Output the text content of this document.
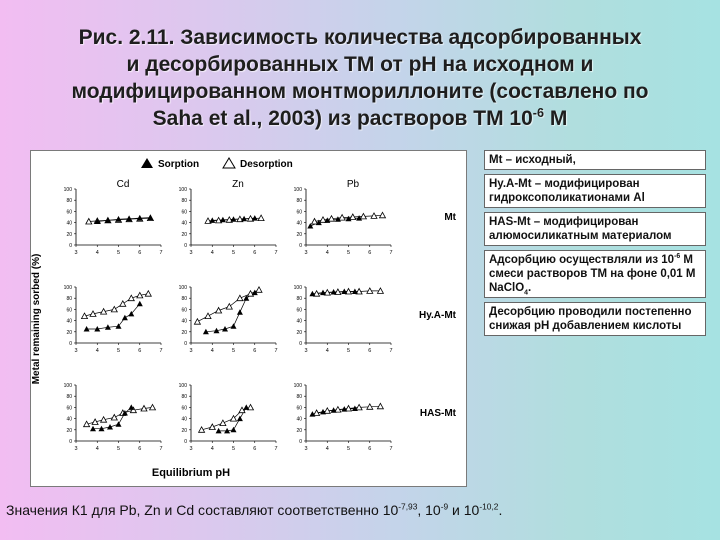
Рис. 2.11. Зависимость количества адсорбированных
и десорбированных ТМ от рН на исходном и
модифицированном монтмориллоните (составлено по
Saha et al., 2003) из растворов ТМ $10^{-6}$ М
Sorption	Desorption
Cd	Zn	Pb
Mt
Hy.A-Mt
HAS-Mt
Metal remaining sorbed (%)
Equilibrium pH
0
20
40
60
80
100
3	4	5	6	7
0
20
40
60
80
100
3	4	5	6	7
0
20
40
60
80
100
3	4	5	6	7
0
20
40
60
80
100
3	4	5	6	7
0
20
40
60
80
100
3	4	5	6	7
0
20
40
60
80
100
3	4	5	6	7
0
20
40
60
80
100
3	4	5	6	7
0
20
40
60
80
100
3	4	5	6	7
0
20
40
60
80
100
3	4	5	6	7
Mt – исходный,
Hy.A-Mt – модифицирован гидроксополикатионами Al
HAS-Mt – модифицирован алюмосиликатным материалом
Адсорбцию осуществляли из $10^{-6}$ М смеси растворов ТМ на фоне 0,01 М NaClO$_4$.
Десорбцию проводили постепенно снижая рН добавлением кислоты
Значения К1 для Pb, Zn и Cd составляют соответственно $10^{-7,93}$, $10^{-9}$ и $10^{-10,2}$.
